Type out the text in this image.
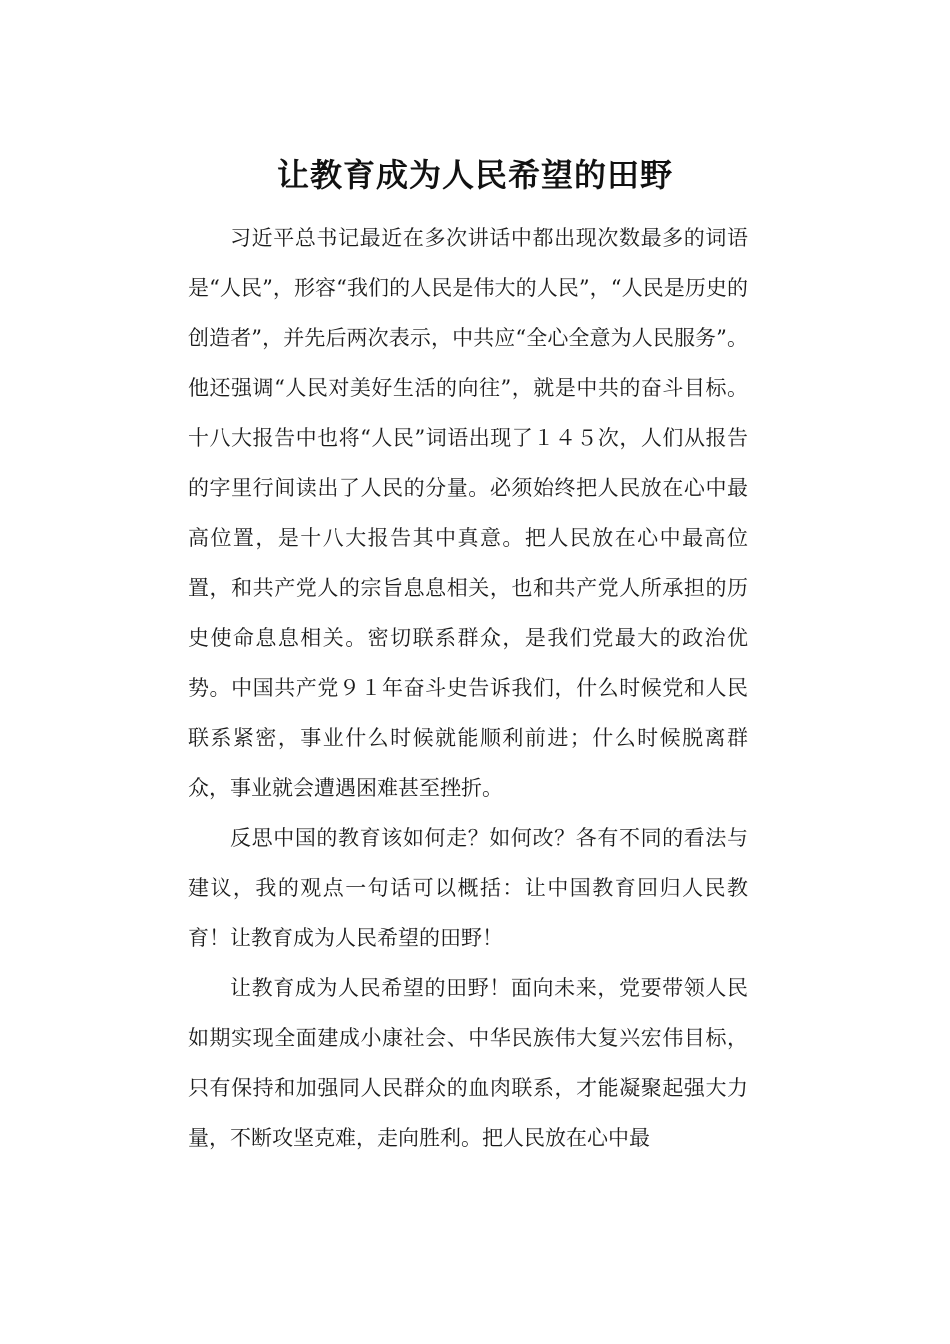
让教育成为人民希望的田野

习近平总书记最近在多次讲话中都出现次数最多的词语是“人民”，形容“我们的人民是伟大的人民”，“人民是历史的创造者”，并先后两次表示，中共应“全心全意为人民服务”。他还强调“人民对美好生活的向往”，就是中共的奋斗目标。十八大报告中也将“人民”词语出现了１４５次，人们从报告的字里行间读出了人民的分量。必须始终把人民放在心中最高位置，是十八大报告其中真意。把人民放在心中最高位置，和共产党人的宗旨息息相关，也和共产党人所承担的历史使命息息相关。密切联系群众，是我们党最大的政治优势。中国共产党９１年奋斗史告诉我们，什么时候党和人民联系紧密，事业什么时候就能顺利前进；什么时候脱离群众，事业就会遭遇困难甚至挫折。

反思中国的教育该如何走？如何改？各有不同的看法与建议，我的观点一句话可以概括：让中国教育回归人民教育！让教育成为人民希望的田野！

让教育成为人民希望的田野！面向未来，党要带领人民如期实现全面建成小康社会、中华民族伟大复兴宏伟目标，只有保持和加强同人民群众的血肉联系，才能凝聚起强大力量，不断攻坚克难，走向胜利。把人民放在心中最
